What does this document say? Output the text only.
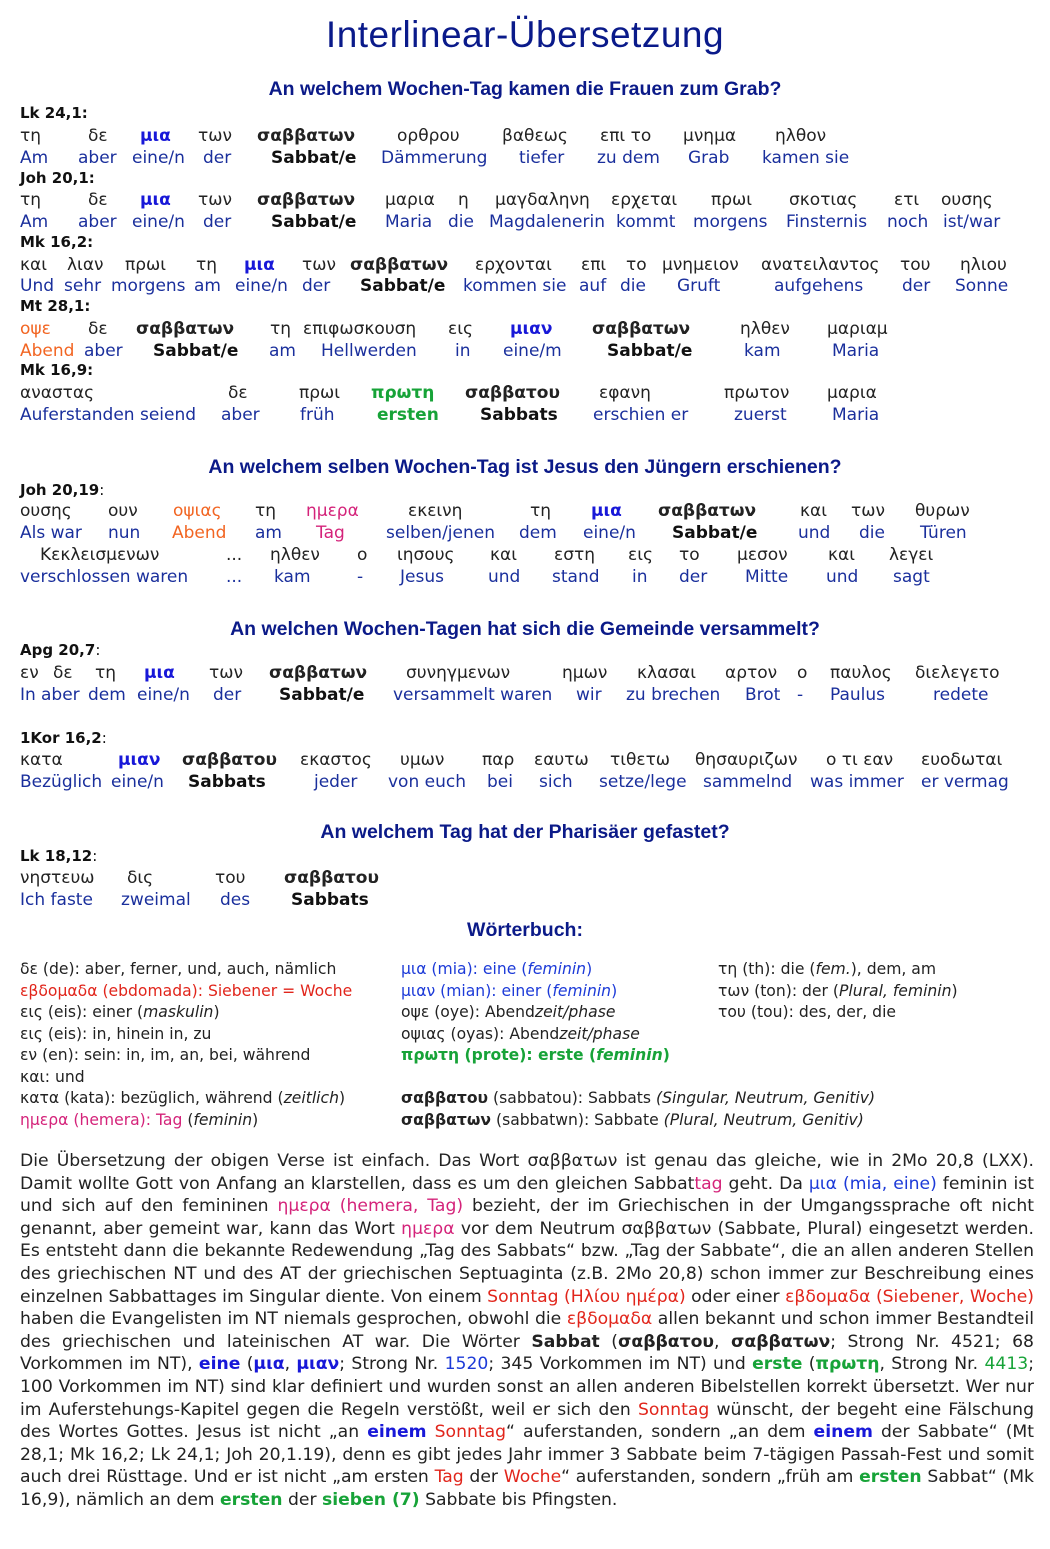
Interlinear-Übersetzung
An welchem Wochen-Tag kamen die Frauen zum Grab?
Lk 24,1:
τη
Am
δε
aber
μια
eine/n
των
der
σαββατων
Sabbat/e
ορθρου
Dämmerung
βαθεως
tiefer
επι το
zu dem
μνημα
Grab
ηλθον
kamen sie
Joh 20,1:
τη
Am
δε
aber
μια
eine/n
των
der
σαββατων
Sabbat/e
μαρια
Maria
η
die
μαγδαληνη
Magdalenerin
ερχεται
kommt
πρωι
morgens
σκοτιας
Finsternis
ετι
noch
ουσης
ist/war
Mk 16,2:
και
Und
λιαν
sehr
πρωι
morgens
τη
am
μια
eine/n
των
der
σαββατων
Sabbat/e
ερχονται
kommen sie
επι
auf
το
die
μνημειον
Gruft
ανατειλαντος
aufgehens
του
der
ηλιου
Sonne
Mt 28,1:
οψε
Abend
δε
aber
σαββατων
Sabbat/e
τη
am
επιφωσκουση
Hellwerden
εις
in
μιαν
eine/m
σαββατων
Sabbat/e
ηλθεν
kam
μαριαμ
Maria
Mk 16,9:
αναστας
Auferstanden seiend
δε
aber
πρωι
früh
πρωτη
ersten
σαββατου
Sabbats
εφανη
erschien er
πρωτον
zuerst
μαρια
Maria
An welchem selben Wochen-Tag ist Jesus den Jüngern erschienen?
Joh 20,19:
ουσης
Als war
ουν
nun
οψιας
Abend
τη
am
ημερα
Tag
εκεινη
selben/jenen
τη
dem
μια
eine/n
σαββατων
Sabbat/e
και
und
των
die
θυρων
Türen
Κεκλεισμενων
verschlossen waren
...
...
ηλθεν
kam
ο
-
ιησους
Jesus
και
und
εστη
stand
εις
in
το
der
μεσον
Mitte
και
und
λεγει
sagt
An welchen Wochen-Tagen hat sich die Gemeinde versammelt?
Apg 20,7:
εν
In
δε
aber
τη
dem
μια
eine/n
των
der
σαββατων
Sabbat/e
συνηγμενων
versammelt waren
ημων
wir
κλασαι
zu brechen
αρτον
Brot
ο
-
παυλος
Paulus
διελεγετο
redete
1Kor 16,2:
κατα
Bezüglich
μιαν
eine/n
σαββατου
Sabbats
εκαστος
jeder
υμων
von euch
παρ
bei
εαυτω
sich
τιθετω
setze/lege
θησαυριζων
sammelnd
ο τι εαν
was immer
ευοδωται
er vermag
An welchem Tag hat der Pharisäer gefastet?
Lk 18,12:
νηστευω
Ich faste
δις
zweimal
του
des
σαββατου
Sabbats
Wörterbuch:
δε (de): aber, ferner, und, auch, nämlich
εβδομαδα (ebdomada): Siebener = Woche
εις (eis): einer (maskulin)
εις (eis): in, hinein in, zu
εν (en): sein: in, im, an, bei, während
και: und
κατα (kata): bezüglich, während (zeitlich)
ημερα (hemera): Tag (feminin)
μια (mia): eine (feminin)
μιαν (mian): einer (feminin)
οψε (oye): Abendzeit/phase
οψιας (oyas): Abendzeit/phase
πρωτη (prote): erste (feminin)
σαββατου (sabbatou): Sabbats (Singular, Neutrum, Genitiv)
σαββατων (sabbatwn): Sabbate (Plural, Neutrum, Genitiv)
τη (th): die (fem.), dem, am
των (ton): der (Plural, feminin)
του (tou): des, der, die
Die Übersetzung der obigen Verse ist einfach. Das Wort σαββατων ist genau das gleiche, wie in 2Mo 20,8 (LXX). Damit wollte Gott von Anfang an klarstellen, dass es um den gleichen Sabbattag geht. Da μια (mia, eine) feminin ist und sich auf den femininen ημερα (hemera, Tag) bezieht, der im Griechischen in der Umgangssprache oft nicht genannt, aber gemeint war, kann das Wort ημερα vor dem Neutrum σαββατων (Sabbate, Plural) eingesetzt werden. Es entsteht dann die bekannte Redewendung „Tag des Sabbats“ bzw. „Tag der Sabbate“, die an allen anderen Stellen des griechischen NT und des AT der griechischen Septuaginta (z.B. 2Mo 20,8) schon immer zur Beschreibung eines einzelnen Sabbattages im Singular diente. Von einem Sonntag (Ηλίου ημέρα) oder einer εβδομαδα (Siebener, Woche) haben die Evangelisten im NT niemals gesprochen, obwohl die εβδομαδα allen bekannt und schon immer Bestandteil des griechischen und lateinischen AT war. Die Wörter Sabbat (σαββατου, σαββατων; Strong Nr. 4521; 68 Vorkommen im NT), eine (μια, μιαν; Strong Nr. 1520; 345 Vorkommen im NT) und erste (πρωτη, Strong Nr. 4413; 100 Vorkommen im NT) sind klar definiert und wurden sonst an allen anderen Bibelstellen korrekt übersetzt. Wer nur im Auferstehungs-Kapitel gegen die Regeln verstößt, weil er sich den Sonntag wünscht, der begeht eine Fälschung des Wortes Gottes. Jesus ist nicht „an einem Sonntag“ auferstanden, sondern „an dem einem der Sabbate“ (Mt 28,1; Mk 16,2; Lk 24,1; Joh 20,1.19), denn es gibt jedes Jahr immer 3 Sabbate beim 7-tägigen Passah-Fest und somit auch drei Rüsttage. Und er ist nicht „am ersten Tag der Woche“ auferstanden, sondern „früh am ersten Sabbat“ (Mk 16,9), nämlich an dem ersten der sieben (7) Sabbate bis Pfingsten.
